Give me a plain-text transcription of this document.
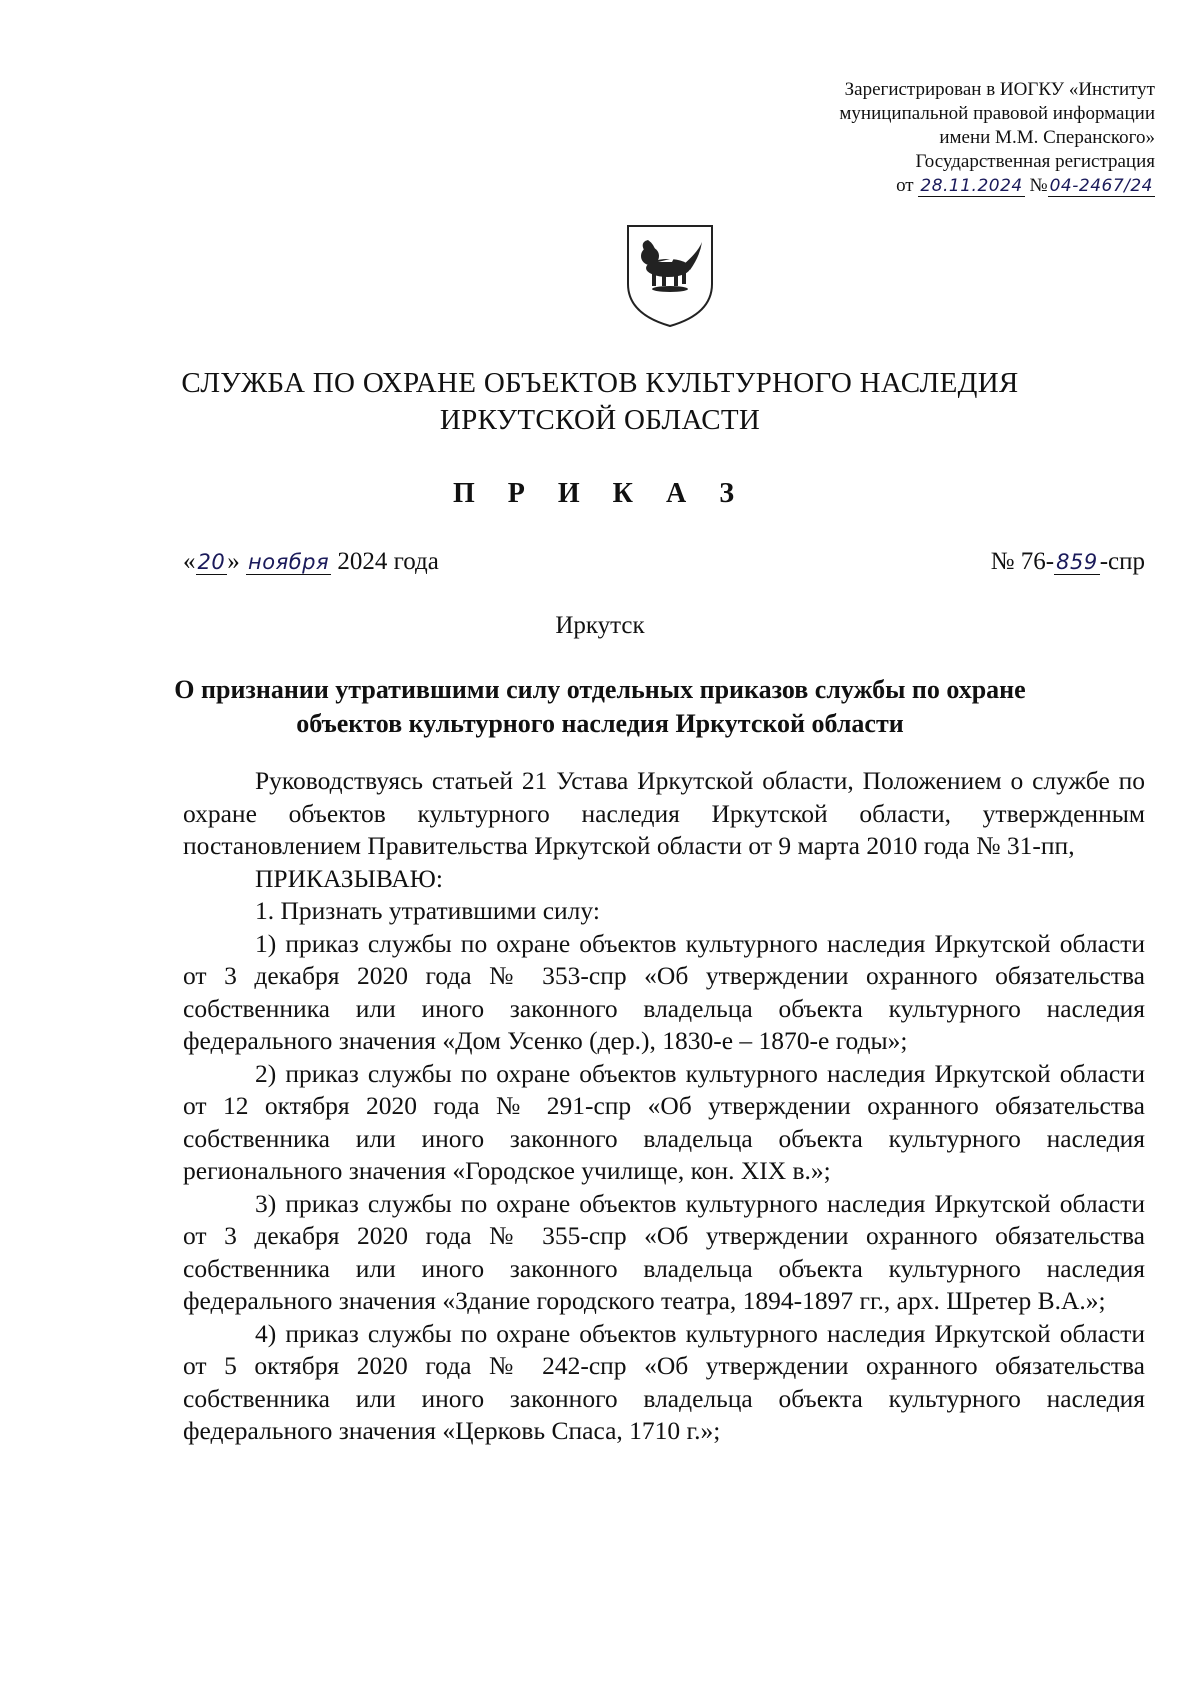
Зарегистрирован в ИОГКУ «Институт
муниципальной правовой информации
имени М.М. Сперанского»
Государственная регистрация
от 28.11.2024 № 04-2467/24
СЛУЖБА ПО ОХРАНЕ ОБЪЕКТОВ КУЛЬТУРНОГО НАСЛЕДИЯ
ИРКУТСКОЙ ОБЛАСТИ
П Р И К А З
«20» ноября 2024 года	№ 76-859-спр
Иркутск
О признании утратившими силу отдельных приказов службы по охране
объектов культурного наследия Иркутской области

Руководствуясь статьей 21 Устава Иркутской области, Положением о службе по охране объектов культурного наследия Иркутской области, утвержденным постановлением Правительства Иркутской области от 9 марта 2010 года № 31-пп,

ПРИКАЗЫВАЮ:

1. Признать утратившими силу:

1) приказ службы по охране объектов культурного наследия Иркутской области от 3 декабря 2020 года № 353-спр «Об утверждении охранного обязательства собственника или иного законного владельца объекта культурного наследия федерального значения «Дом Усенко (дер.), 1830-е – 1870-е годы»;

2) приказ службы по охране объектов культурного наследия Иркутской области от 12 октября 2020 года № 291-спр «Об утверждении охранного обязательства собственника или иного законного владельца объекта культурного наследия регионального значения «Городское училище, кон. XIX в.»;

3) приказ службы по охране объектов культурного наследия Иркутской области от 3 декабря 2020 года № 355-спр «Об утверждении охранного обязательства собственника или иного законного владельца объекта культурного наследия федерального значения «Здание городского театра, 1894-1897 гг., арх. Шретер В.А.»;

4) приказ службы по охране объектов культурного наследия Иркутской области от 5 октября 2020 года № 242-спр «Об утверждении охранного обязательства собственника или иного законного владельца объекта культурного наследия федерального значения «Церковь Спаса, 1710 г.»;
